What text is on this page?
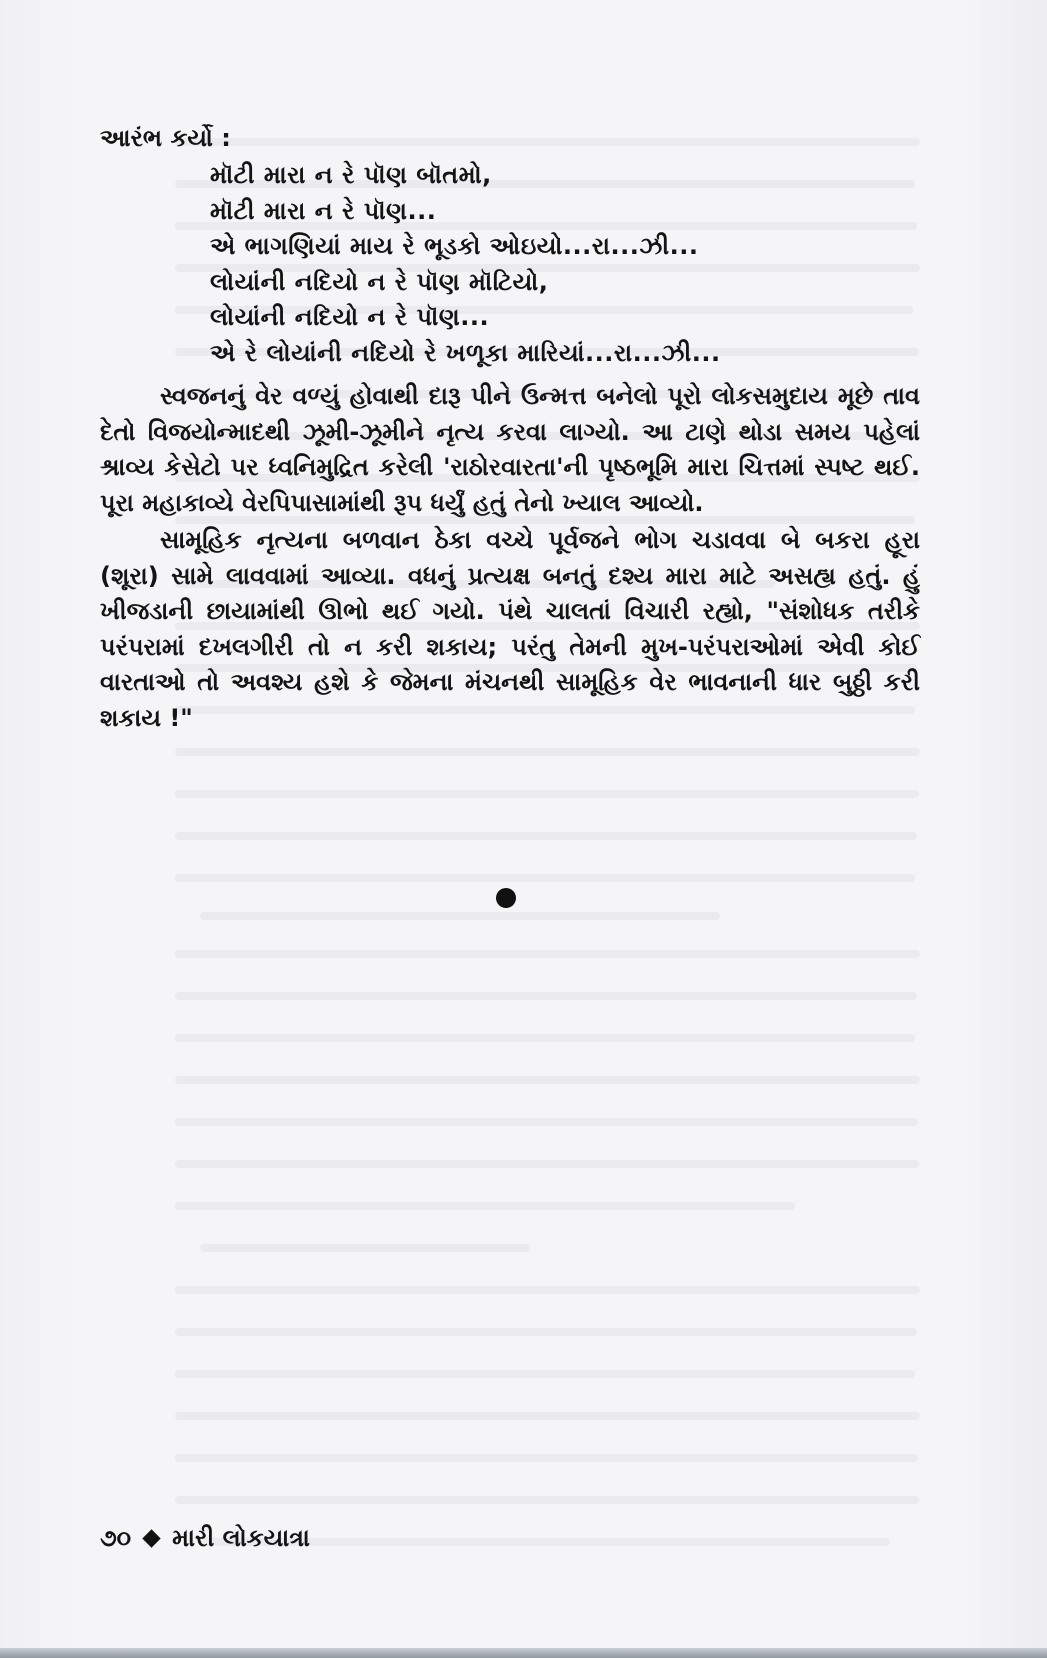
આરંભ કર્યો :

મૉટી મારા ન રે પૉણ બૉતમો,
મૉટી મારા ન રે પૉણ...
એ ભાગણિયાં માય રે ભૂડકો ઓઇયો...રા...ઝી...
લોયાંની નદિયો ન રે પૉણ મૉટિયો,
લોયાંની નદિયો ન રે પૉણ...
એ રે લોયાંની નદિયો રે ખળૂકા મારિયાં...રા...ઝી...

સ્વજનનું વેર વળ્યું હોવાથી દારૂ પીને ઉન્મત્ત બનેલો પૂરો લોકસમુદાય મૂછે તાવ દેતો વિજયોન્માદથી ઝૂમી-ઝૂમીને નૃત્ય કરવા લાગ્યો. આ ટાણે થોડા સમય પહેલાં શ્રાવ્ય કેસેટો પર ધ્વનિમુદ્રિત કરેલી 'રાઠોરવારતા'ની પૃષ્ઠભૂમિ મારા ચિત્તમાં સ્પષ્ટ થઈ. પૂરા મહાકાવ્યે વેરપિપાસામાંથી રૂપ ધર્યું હતું તેનો ખ્યાલ આવ્યો.

સામૂહિક નૃત્યના બળવાન ઠેકા વચ્ચે પૂર્વજને ભોગ ચડાવવા બે બકરા હૂરા (શૂરા) સામે લાવવામાં આવ્યા. વધનું પ્રત્યક્ષ બનતું દશ્ય મારા માટે અસહ્ય હતું. હું ખીજડાની છાયામાંથી ઊભો થઈ ગયો. પંથે ચાલતાં વિચારી રહ્યો, "સંશોધક તરીકે પરંપરામાં દખલગીરી તો ન કરી શકાય; પરંતુ તેમની મુખ-પરંપરાઓમાં એવી કોઈ વારતાઓ તો અવશ્ય હશે કે જેમના મંચનથી સામૂહિક વેર ભાવનાની ધાર બુઠ્ઠી કરી શકાય !"

૭૦ મારી લોકયાત્રા
